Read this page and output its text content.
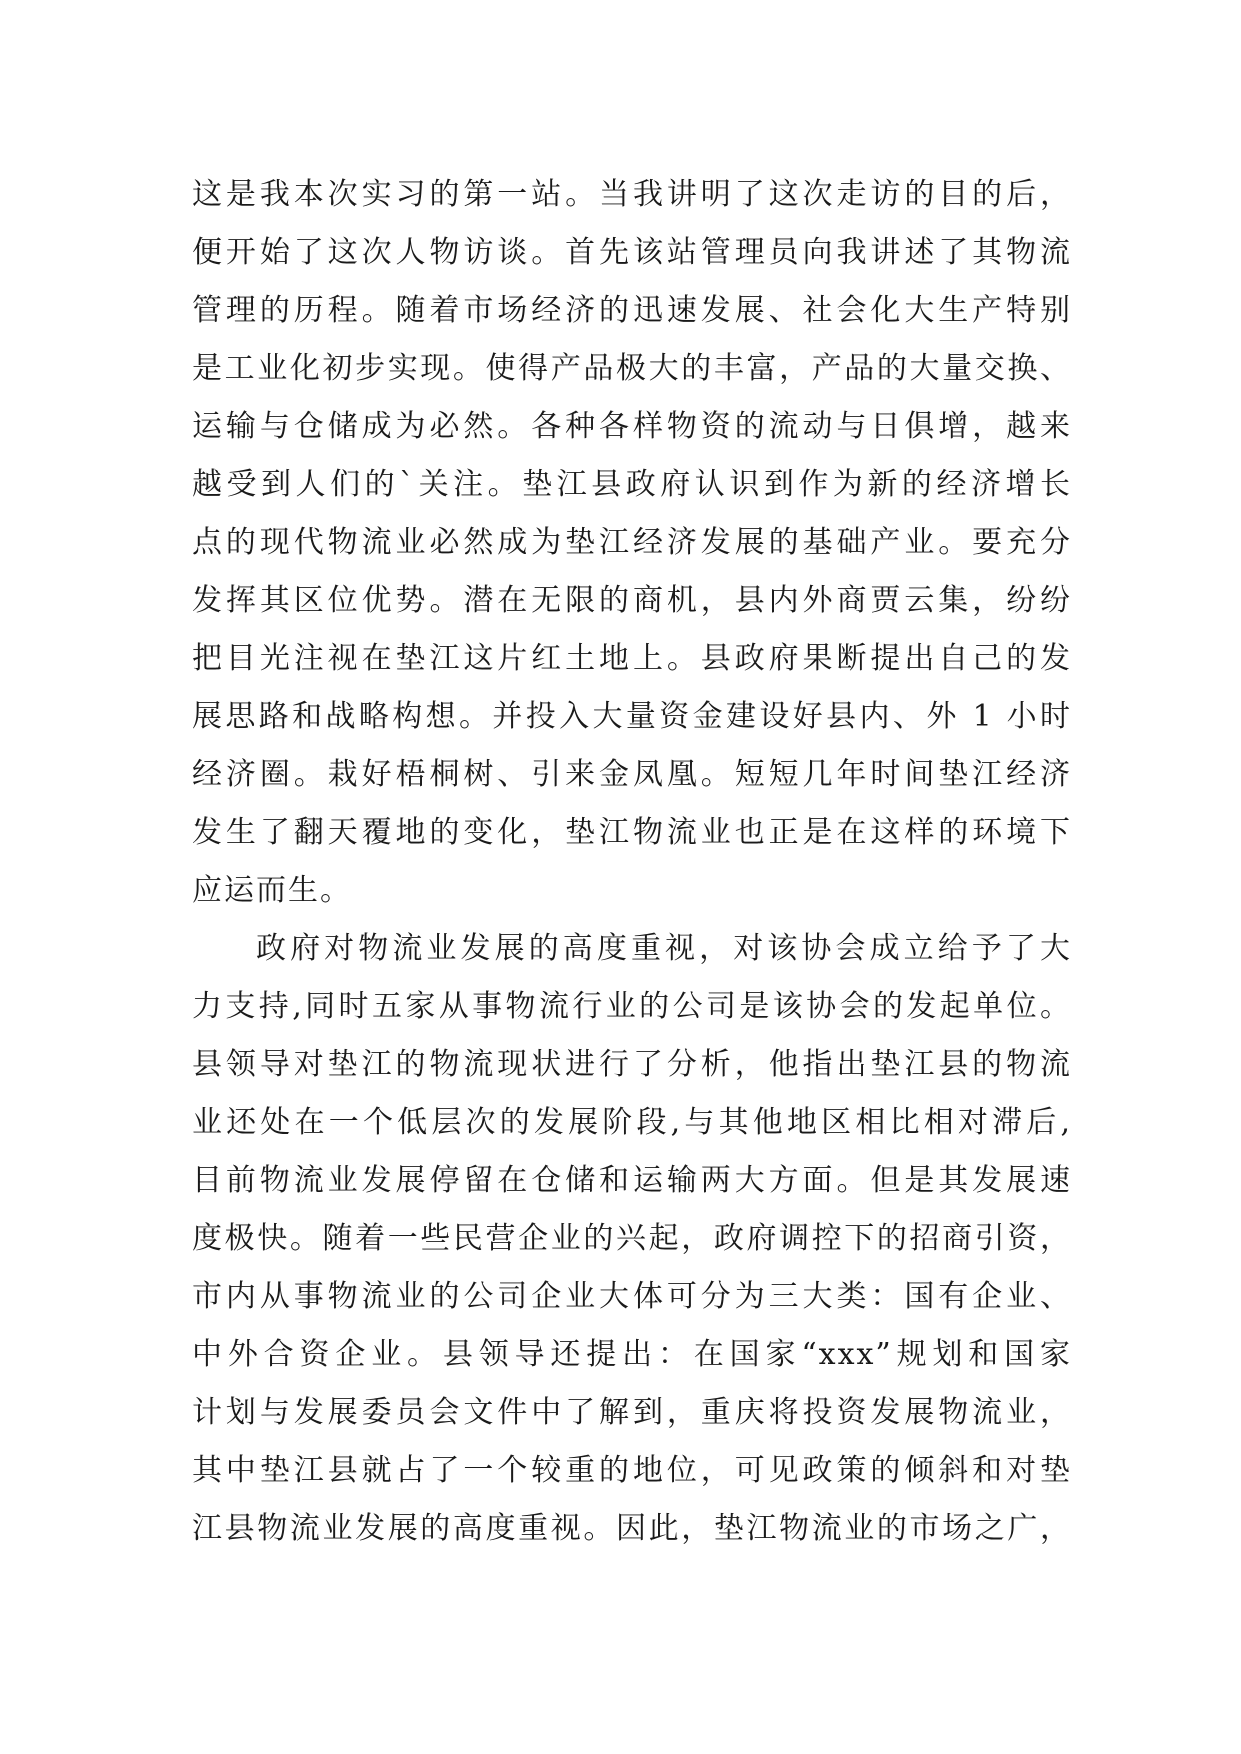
这是我本次实习的第一站。当我讲明了这次走访的目的后，
便开始了这次人物访谈。首先该站管理员向我讲述了其物流
管理的历程。随着市场经济的迅速发展、社会化大生产特别
是工业化初步实现。使得产品极大的丰富，产品的大量交换、
运输与仓储成为必然。各种各样物资的流动与日俱增，越来
越受到人们的`关注。垫江县政府认识到作为新的经济增长
点的现代物流业必然成为垫江经济发展的基础产业。要充分
发挥其区位优势。潜在无限的商机，县内外商贾云集，纷纷
把目光注视在垫江这片红土地上。县政府果断提出自己的发
展思路和战略构想。并投入大量资金建设好县内、外 1 小时
经济圈。栽好梧桐树、引来金凤凰。短短几年时间垫江经济
发生了翻天覆地的变化，垫江物流业也正是在这样的环境下
应运而生。
政府对物流业发展的高度重视，对该协会成立给予了大
力支持,同时五家从事物流行业的公司是该协会的发起单位。
县领导对垫江的物流现状进行了分析，他指出垫江县的物流
业还处在一个低层次的发展阶段,与其他地区相比相对滞后,
目前物流业发展停留在仓储和运输两大方面。但是其发展速
度极快。随着一些民营企业的兴起，政府调控下的招商引资，
市内从事物流业的公司企业大体可分为三大类：国有企业、
中外合资企业。县领导还提出：在国家“xxx”规划和国家
计划与发展委员会文件中了解到，重庆将投资发展物流业，
其中垫江县就占了一个较重的地位，可见政策的倾斜和对垫
江县物流业发展的高度重视。因此，垫江物流业的市场之广，
